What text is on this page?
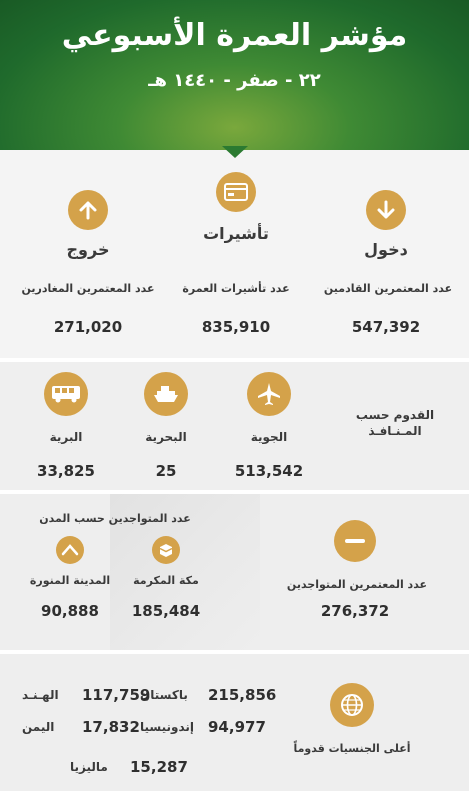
مؤشر العمرة الأسبوعي
٢٢ - صفر - ١٤٤٠ هـ
خروج
عدد المعتمرين المغادرين
271,020
تأشيرات
عدد تأشيرات العمرة
835,910
دخول
عدد المعتمرين القادمين
547,392
القدوم حسب
المـنـافـذ
الجوية
513,542
البحرية
25
البرية
33,825
عدد المعتمرين المتواجدين
276,372
عدد المتواجدين حسب المدن
مكة المكرمة
185,484
المدينة المنورة
90,888
أعلى الجنسيات قدوماً
215,856
باكستان
117,759
الهـنـد
94,977
إندونيسيا
17,832
اليمن
15,287
ماليزيا
